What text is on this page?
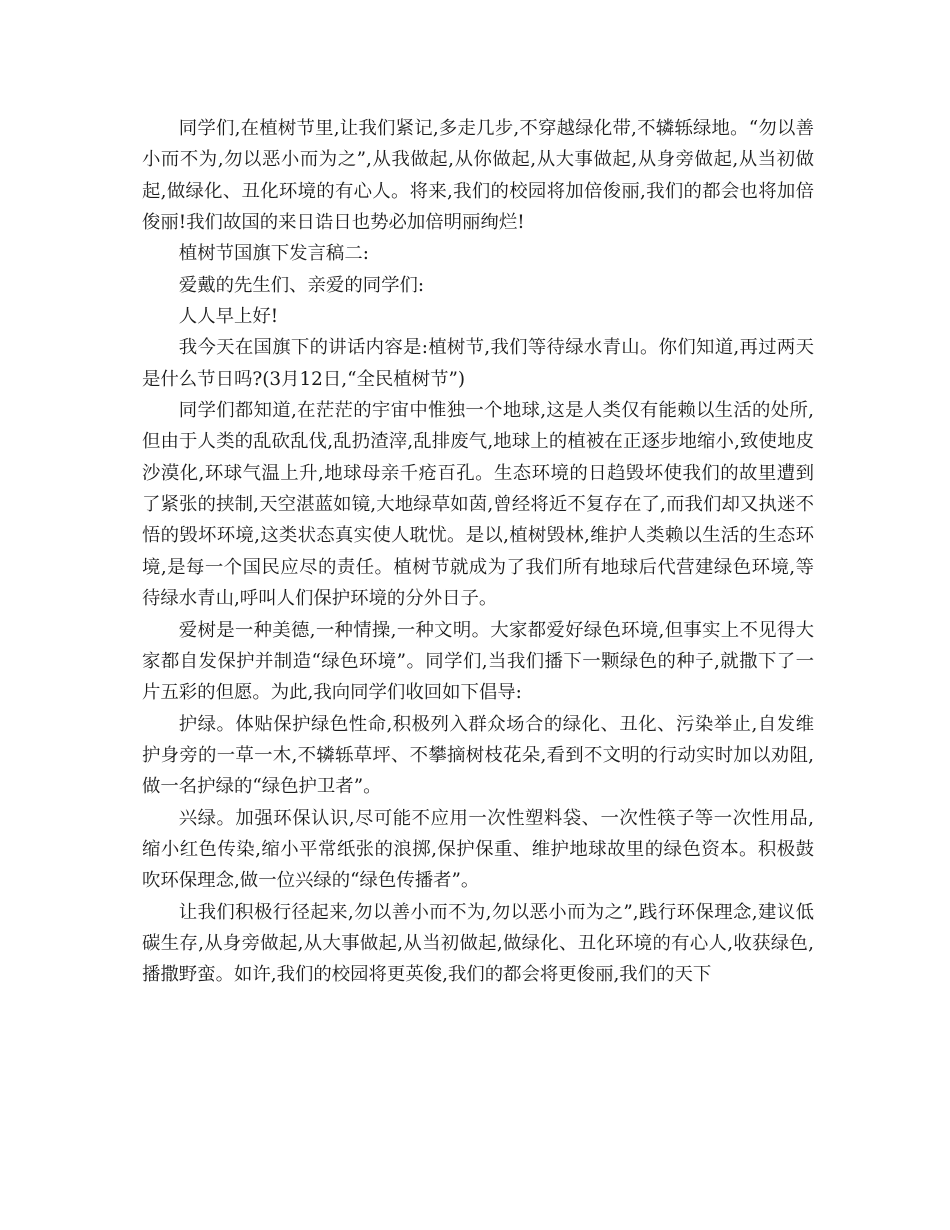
同学们,在植树节里,让我们紧记,多走几步,不穿越绿化带,不辚轹绿地。“勿以善小而不为,勿以恶小而为之”,从我做起,从你做起,从大事做起,从身旁做起,从当初做起,做绿化、丑化环境的有心人。将来,我们的校园将加倍俊丽,我们的都会也将加倍俊丽!我们故国的来日诰日也势必加倍明丽绚烂!

植树节国旗下发言稿二:

爱戴的先生们、亲爱的同学们:

人人早上好!

我今天在国旗下的讲话内容是:植树节,我们等待绿水青山。你们知道,再过两天是什么节日吗?(3月12日,“全民植树节”)

同学们都知道,在茫茫的宇宙中惟独一个地球,这是人类仅有能赖以生活的处所,但由于人类的乱砍乱伐,乱扔渣滓,乱排废气,地球上的植被在正逐步地缩小,致使地皮沙漠化,环球气温上升,地球母亲千疮百孔。生态环境的日趋毁坏使我们的故里遭到了紧张的挟制,天空湛蓝如镜,大地绿草如茵,曾经将近不复存在了,而我们却又执迷不悟的毁坏环境,这类状态真实使人耽忧。是以,植树毁林,维护人类赖以生活的生态环境,是每一个国民应尽的责任。植树节就成为了我们所有地球后代营建绿色环境,等待绿水青山,呼叫人们保护环境的分外日子。

爱树是一种美德,一种情操,一种文明。大家都爱好绿色环境,但事实上不见得大家都自发保护并制造“绿色环境”。同学们,当我们播下一颗绿色的种子,就撒下了一片五彩的但愿。为此,我向同学们收回如下倡导:

护绿。体贴保护绿色性命,积极列入群众场合的绿化、丑化、污染举止,自发维护身旁的一草一木,不辚轹草坪、不攀摘树枝花朵,看到不文明的行动实时加以劝阻,做一名护绿的“绿色护卫者”。

兴绿。加强环保认识,尽可能不应用一次性塑料袋、一次性筷子等一次性用品,缩小红色传染,缩小平常纸张的浪掷,保护保重、维护地球故里的绿色资本。积极鼓吹环保理念,做一位兴绿的“绿色传播者”。

让我们积极行径起来,勿以善小而不为,勿以恶小而为之”,践行环保理念,建议低碳生存,从身旁做起,从大事做起,从当初做起,做绿化、丑化环境的有心人,收获绿色,播撒野蛮。如许,我们的校园将更英俊,我们的都会将更俊丽,我们的天下
